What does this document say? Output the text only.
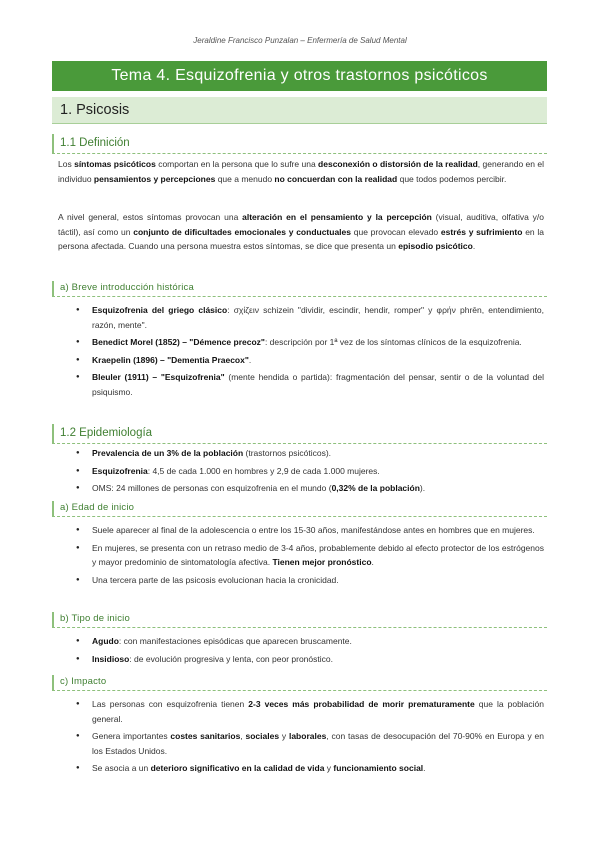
Jeraldine Francisco Punzalan – Enfermería de Salud Mental
Tema 4. Esquizofrenia y otros trastornos psicóticos
1. Psicosis
1.1 Definición
Los síntomas psicóticos comportan en la persona que lo sufre una desconexión o distorsión de la realidad, generando en el individuo pensamientos y percepciones que a menudo no concuerdan con la realidad que todos podemos percibir.
A nivel general, estos síntomas provocan una alteración en el pensamiento y la percepción (visual, auditiva, olfativa y/o táctil), así como un conjunto de dificultades emocionales y conductuales que provocan elevado estrés y sufrimiento en la persona afectada. Cuando una persona muestra estos síntomas, se dice que presenta un episodio psicótico.
a) Breve introducción histórica
● Esquizofrenia del griego clásico: σχίζειν schizein "dividir, escindir, hendir, romper" y φρήν phrēn, entendimiento, razón, mente".
● Benedict Morel (1852) – "Démence precoz": descripción por 1ª vez de los síntomas clínicos de la esquizofrenia.
● Kraepelin (1896) – "Dementia Praecox".
● Bleuler (1911) – "Esquizofrenia" (mente hendida o partida): fragmentación del pensar, sentir o de la voluntad del psiquismo.
1.2 Epidemiología
● Prevalencia de un 3% de la población (trastornos psicóticos).
● Esquizofrenia: 4,5 de cada 1.000 en hombres y 2,9 de cada 1.000 mujeres.
● OMS: 24 millones de personas con esquizofrenia en el mundo (0,32% de la población).
a) Edad de inicio
● Suele aparecer al final de la adolescencia o entre los 15-30 años, manifestándose antes en hombres que en mujeres.
● En mujeres, se presenta con un retraso medio de 3-4 años, probablemente debido al efecto protector de los estrógenos y mayor predominio de sintomatología afectiva. Tienen mejor pronóstico.
● Una tercera parte de las psicosis evolucionan hacia la cronicidad.
b) Tipo de inicio
● Agudo: con manifestaciones episódicas que aparecen bruscamente.
● Insidioso: de evolución progresiva y lenta, con peor pronóstico.
c) Impacto
● Las personas con esquizofrenia tienen 2-3 veces más probabilidad de morir prematuramente que la población general.
● Genera importantes costes sanitarios, sociales y laborales, con tasas de desocupación del 70-90% en Europa y en los Estados Unidos.
● Se asocia a un deterioro significativo en la calidad de vida y funcionamiento social.
